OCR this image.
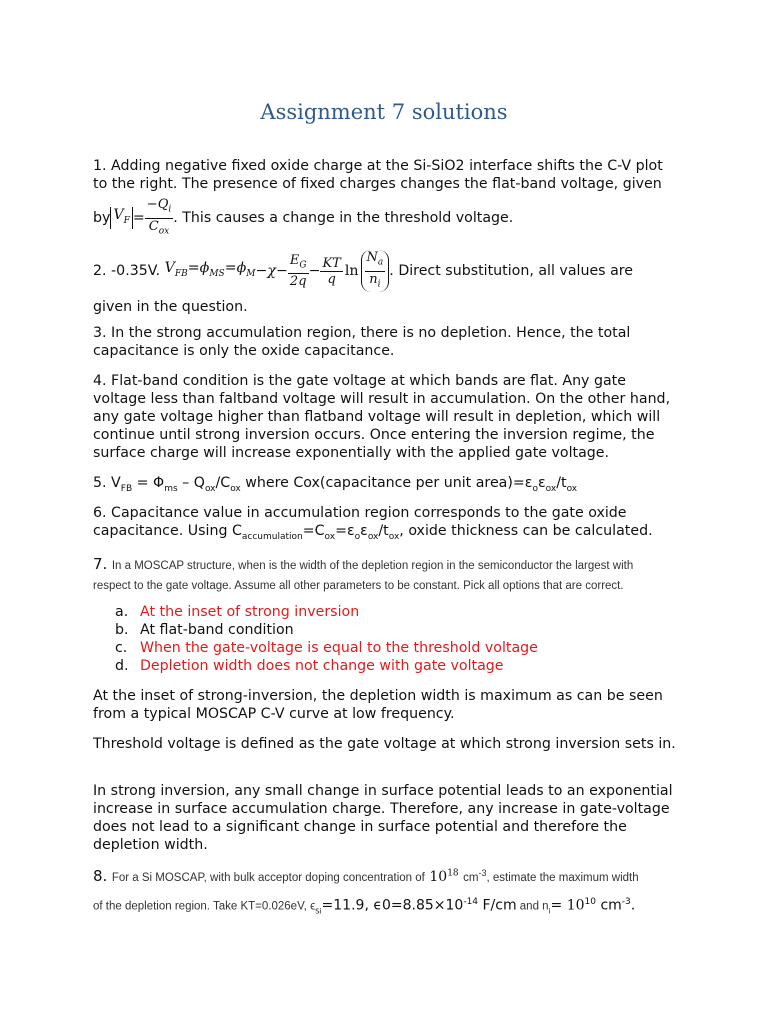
Assignment 7 solutions
1. Adding negative fixed oxide charge at the Si-SiO2 interface shifts the C-V plot
to the right. The presence of fixed charges changes the flat-band voltage, given
by $V_F = \frac{-Q_i}{C_{ox}}$ . This causes a change in the threshold voltage.
2. -0.35V.
$V_{FB} =\phi_{MS} =\phi_M -\chi- \frac{E_G}{2q} - \frac{KT}{q}$ $\ln \frac{N_a}{n_i}$ . Direct substitution, all values are
given in the question.
3. In the strong accumulation region, there is no depletion. Hence, the total capacitance is only the oxide capacitance.
4. Flat-band condition is the gate voltage at which bands are flat. Any gate voltage less than faltband voltage will result in accumulation. On the other hand, any gate voltage higher than flatband voltage will result in depletion, which will continue until strong inversion occurs. Once entering the inversion regime, the surface charge will increase exponentially with the applied gate voltage.
5. $V_{FB} = \Phi_{ms} - Q_{ox}/C_{ox}$ where Cox(capacitance per unit $area)=\varepsilon_o\varepsilon_{ox}/t_{ox}$
6. Capacitance value in accumulation region corresponds to the gate oxide
capacitance. Using $C_{accumulation}=C_{ox}=\varepsilon_o\varepsilon_{ox}/t_{ox}$, oxide thickness can be calculated.
7. In a MOSCAP structure, when is the width of the depletion region in the semiconductor the largest with
respect to the gate voltage. Assume all other parameters to be constant. Pick all options that are correct.
a. At the inset of strong inversion
b. At flat-band condition
c. When the gate-voltage is equal to the threshold voltage
d. Depletion width does not change with gate voltage
At the inset of strong-inversion, the depletion width is maximum as can be seen from a typical MOSCAP C-V curve at low frequency.
Threshold voltage is defined as the gate voltage at which strong inversion sets in.
In strong inversion, any small change in surface potential leads to an exponential increase in surface accumulation charge. Therefore, any increase in gate-voltage does not lead to a significant change in surface potential and therefore the depletion width.
8. For a Si MOSCAP, with bulk acceptor doping concentration of $10^{18}$ $cm^{-3}$, estimate the maximum width
of the depletion region. Take KT=0.026eV, $\epsilon_{Si}=11.9$, $\epsilon 0=8.85\times 10^{-14}$ F/cm and $n_i= 10^{10}$ $cm^{-3}$.
